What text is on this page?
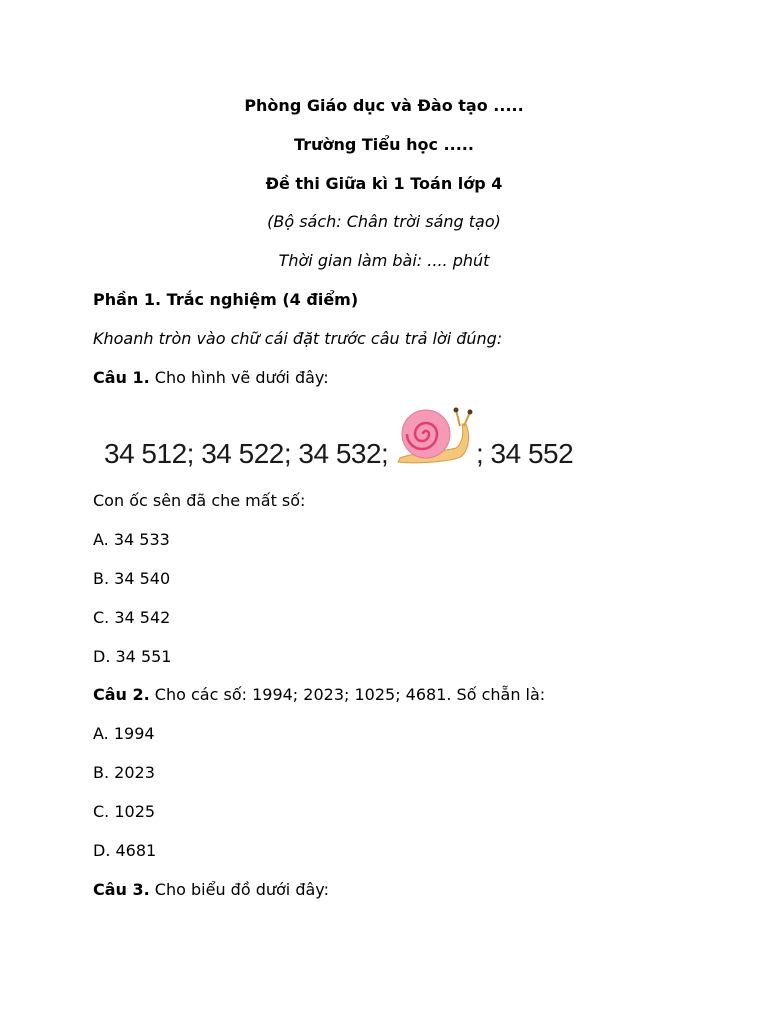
Phòng Giáo dục và Đào tạo .....
Trường Tiểu học .....
Đề thi Giữa kì 1 Toán lớp 4
(Bộ sách: Chân trời sáng tạo)
Thời gian làm bài: .... phút
Phần 1. Trắc nghiệm (4 điểm)
Khoanh tròn vào chữ cái đặt trước câu trả lời đúng:
Câu 1. Cho hình vẽ dưới đây:
34 512; 34 522; 34 532;	; 34 552
Con ốc sên đã che mất số:
A. 34 533
B. 34 540
C. 34 542
D. 34 551
Câu 2. Cho các số: 1994; 2023; 1025; 4681. Số chẵn là:
A. 1994
B. 2023
C. 1025
D. 4681
Câu 3. Cho biểu đồ dưới đây:
